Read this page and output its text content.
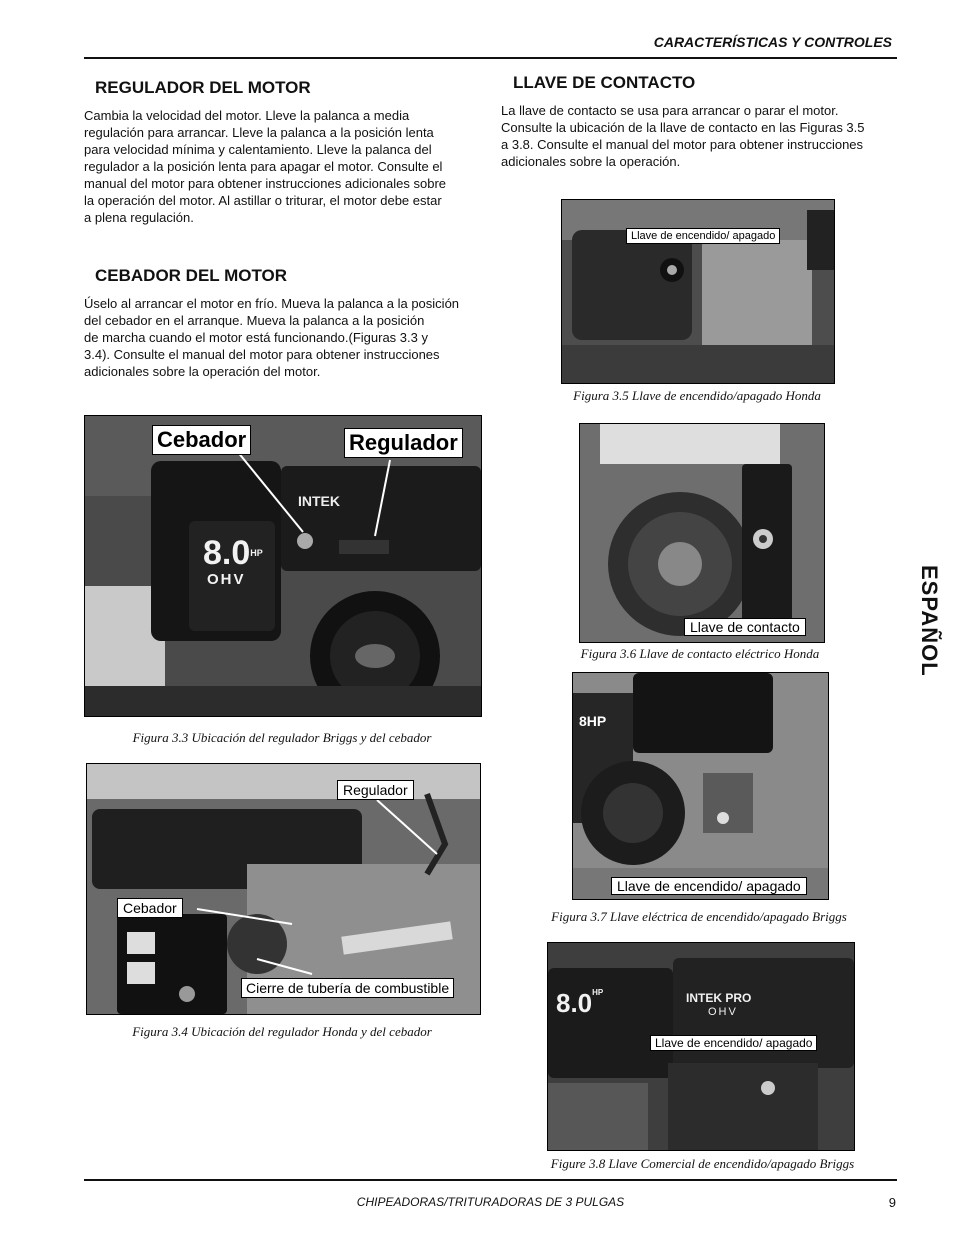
CARACTERÍSTICAS Y CONTROLES
REGULADOR DEL MOTOR
Cambia la velocidad del motor. Lleve la palanca a media
regulación para arrancar. Lleve la palanca a la posición lenta
para velocidad mínima y calentamiento. Lleve la palanca del
regulador a la posición lenta para apagar el motor. Consulte el
manual del motor para obtener instrucciones adicionales sobre
la operación del motor. Al astillar o triturar, el motor debe estar
a plena regulación.
CEBADOR DEL MOTOR
Úselo al arrancar el motor en frío. Mueva la palanca a la posición
del cebador en el arranque. Mueva la palanca a la posición
de marcha cuando el motor está funcionando.(Figuras 3.3 y
3.4). Consulte el manual del motor para obtener instrucciones
adicionales sobre la operación del motor.
INTEK
$8.0^{HP}$
OHV
Cebador	Regulador
Figura 3.3 Ubicación del regulador Briggs y del cebador
Regulador
Cebador
Cierre de tubería de combustible
Figura 3.4 Ubicación del regulador Honda y del cebador
LLAVE DE CONTACTO
La llave de contacto se usa para arrancar o parar el motor.
Consulte la ubicación de la llave de contacto en las Figuras 3.5
a 3.8. Consulte el manual del motor para obtener instrucciones
adicionales sobre la operación.
Llave de encendido/ apagado
Figura 3.5 Llave de encendido/apagado Honda
Llave de contacto
Figura 3.6 Llave de contacto eléctrico Honda
8HP
Llave de encendido/ apagado
Figura 3.7 Llave eléctrica de encendido/apagado Briggs
$8.0^{HP}$	INTEK PRO
OHV
Llave de encendido/ apagado
Figure 3.8 Llave Comercial de encendido/apagado Briggs
ESPAÑOL
CHIPEADORAS/TRITURADORAS DE 3 PULGAS	9
